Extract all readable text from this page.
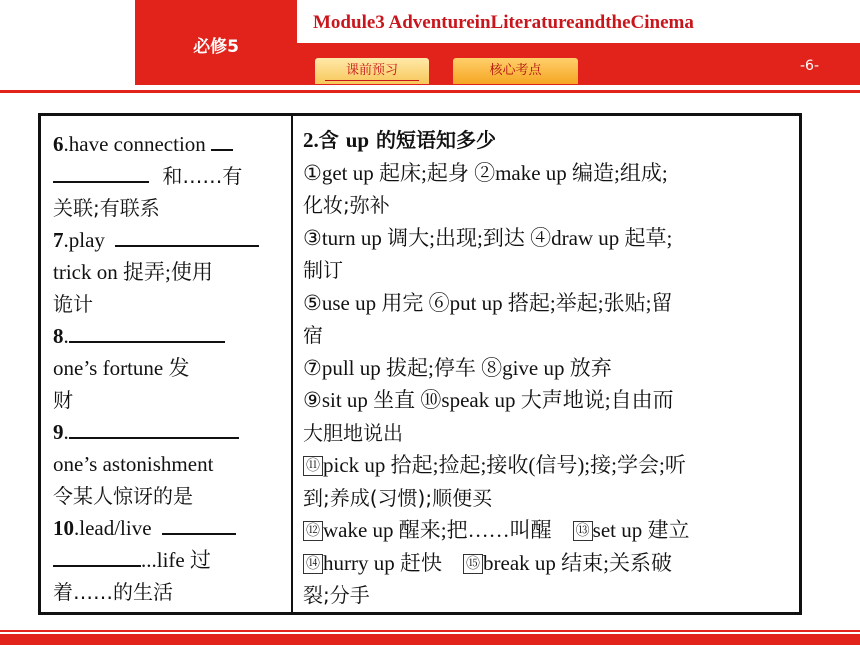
必修5
Module3 AdventureinLiteratureandtheCinema
课前预习	核心考点	-6-
6.have connection
和……有
关联;有联系
7.play
trick on 捉弄;使用
诡计
8.
one’s fortune 发
财
9.
one’s astonishment
令某人惊讶的是
10.lead/live
...life 过
着……的生活
2.含 up 的短语知多少
①get up 起床;起身 ②make up 编造;组成;
化妆;弥补
③turn up 调大;出现;到达 ④draw up 起草;
制订
⑤use up 用完 ⑥put up 搭起;举起;张贴;留
宿
⑦pull up 拔起;停车 ⑧give up 放弃
⑨sit up 坐直 ⑩speak up 大声地说;自由而
大胆地说出
⑪ pick up 拾起;捡起;接收(信号);接;学会;听
到;养成(习惯);顺便买
⑫ wake up 醒来;把……叫醒 ⑬ set up 建立
⑭ hurry up 赶快 ⑮ break up 结束;关系破
裂;分手
